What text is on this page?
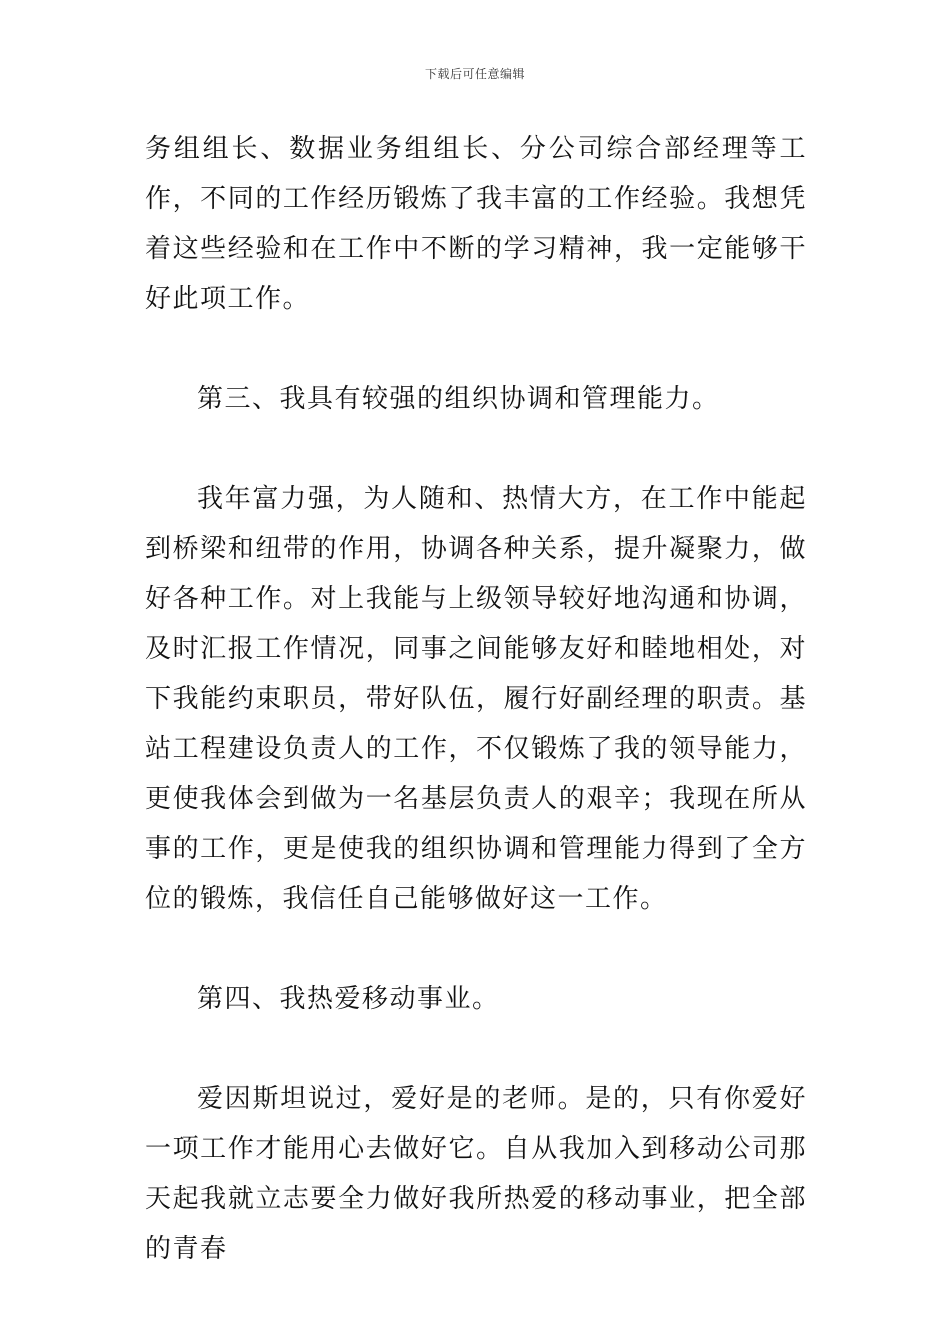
下载后可任意编辑

务组组长、数据业务组组长、分公司综合部经理等工作，不同的工作经历锻炼了我丰富的工作经验。我想凭着这些经验和在工作中不断的学习精神，我一定能够干好此项工作。

第三、我具有较强的组织协调和管理能力。

我年富力强，为人随和、热情大方，在工作中能起到桥梁和纽带的作用，协调各种关系，提升凝聚力，做好各种工作。对上我能与上级领导较好地沟通和协调，及时汇报工作情况，同事之间能够友好和睦地相处，对下我能约束职员，带好队伍，履行好副经理的职责。基站工程建设负责人的工作，不仅锻炼了我的领导能力，更使我体会到做为一名基层负责人的艰辛；我现在所从事的工作，更是使我的组织协调和管理能力得到了全方位的锻炼，我信任自己能够做好这一工作。

第四、我热爱移动事业。

爱因斯坦说过，爱好是的老师。是的，只有你爱好一项工作才能用心去做好它。自从我加入到移动公司那天起我就立志要全力做好我所热爱的移动事业，把全部的青春
